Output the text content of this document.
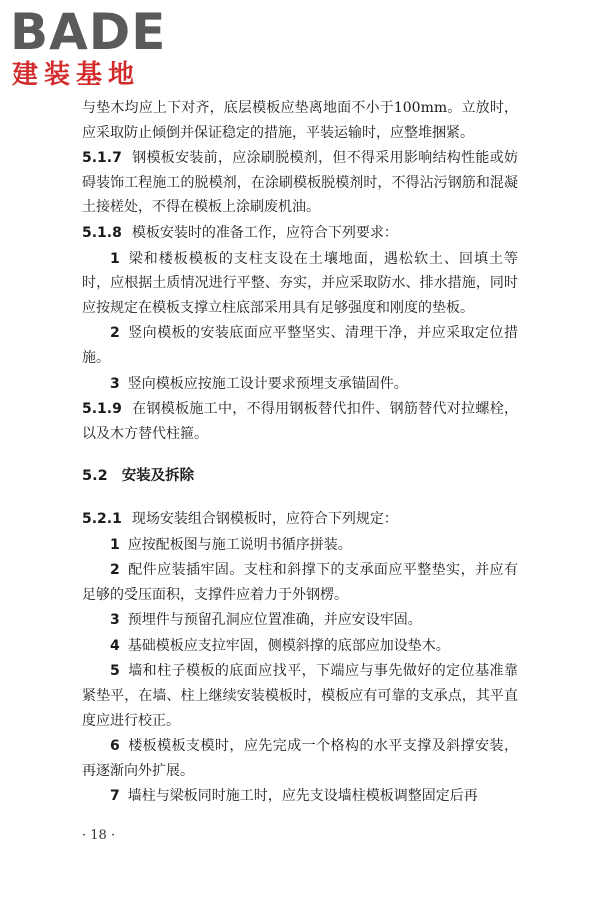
BADE
建装基地

与垫木均应上下对齐，底层模板应垫离地面不小于100mm。立放时，应采取防止倾倒并保证稳定的措施，平装运输时，应整堆捆紧。

5.1.7 钢模板安装前，应涂刷脱模剂，但不得采用影响结构性能或妨碍装饰工程施工的脱模剂，在涂刷模板脱模剂时，不得沾污钢筋和混凝土接槎处，不得在模板上涂刷废机油。

5.1.8 模板安装时的准备工作，应符合下列要求：

1 梁和楼板模板的支柱支设在土壤地面，遇松软土、回填土等时，应根据土质情况进行平整、夯实，并应采取防水、排水措施，同时应按规定在模板支撑立柱底部采用具有足够强度和刚度的垫板。

2 竖向模板的安装底面应平整坚实、清理干净，并应采取定位措施。

3 竖向模板应按施工设计要求预埋支承锚固件。

5.1.9 在钢模板施工中，不得用钢板替代扣件、钢筋替代对拉螺栓，以及木方替代柱箍。

5.2 安装及拆除

5.2.1 现场安装组合钢模板时，应符合下列规定：

1 应按配板图与施工说明书循序拼装。

2 配件应装插牢固。支柱和斜撑下的支承面应平整垫实，并应有足够的受压面积，支撑件应着力于外钢楞。

3 预埋件与预留孔洞应位置准确，并应安设牢固。

4 基础模板应支拉牢固，侧模斜撑的底部应加设垫木。

5 墙和柱子模板的底面应找平，下端应与事先做好的定位基准靠紧垫平，在墙、柱上继续安装模板时，模板应有可靠的支承点，其平直度应进行校正。

6 楼板模板支模时，应先完成一个格构的水平支撑及斜撑安装，再逐渐向外扩展。

7 墙柱与梁板同时施工时，应先支设墙柱模板调整固定后再

· 18 ·
